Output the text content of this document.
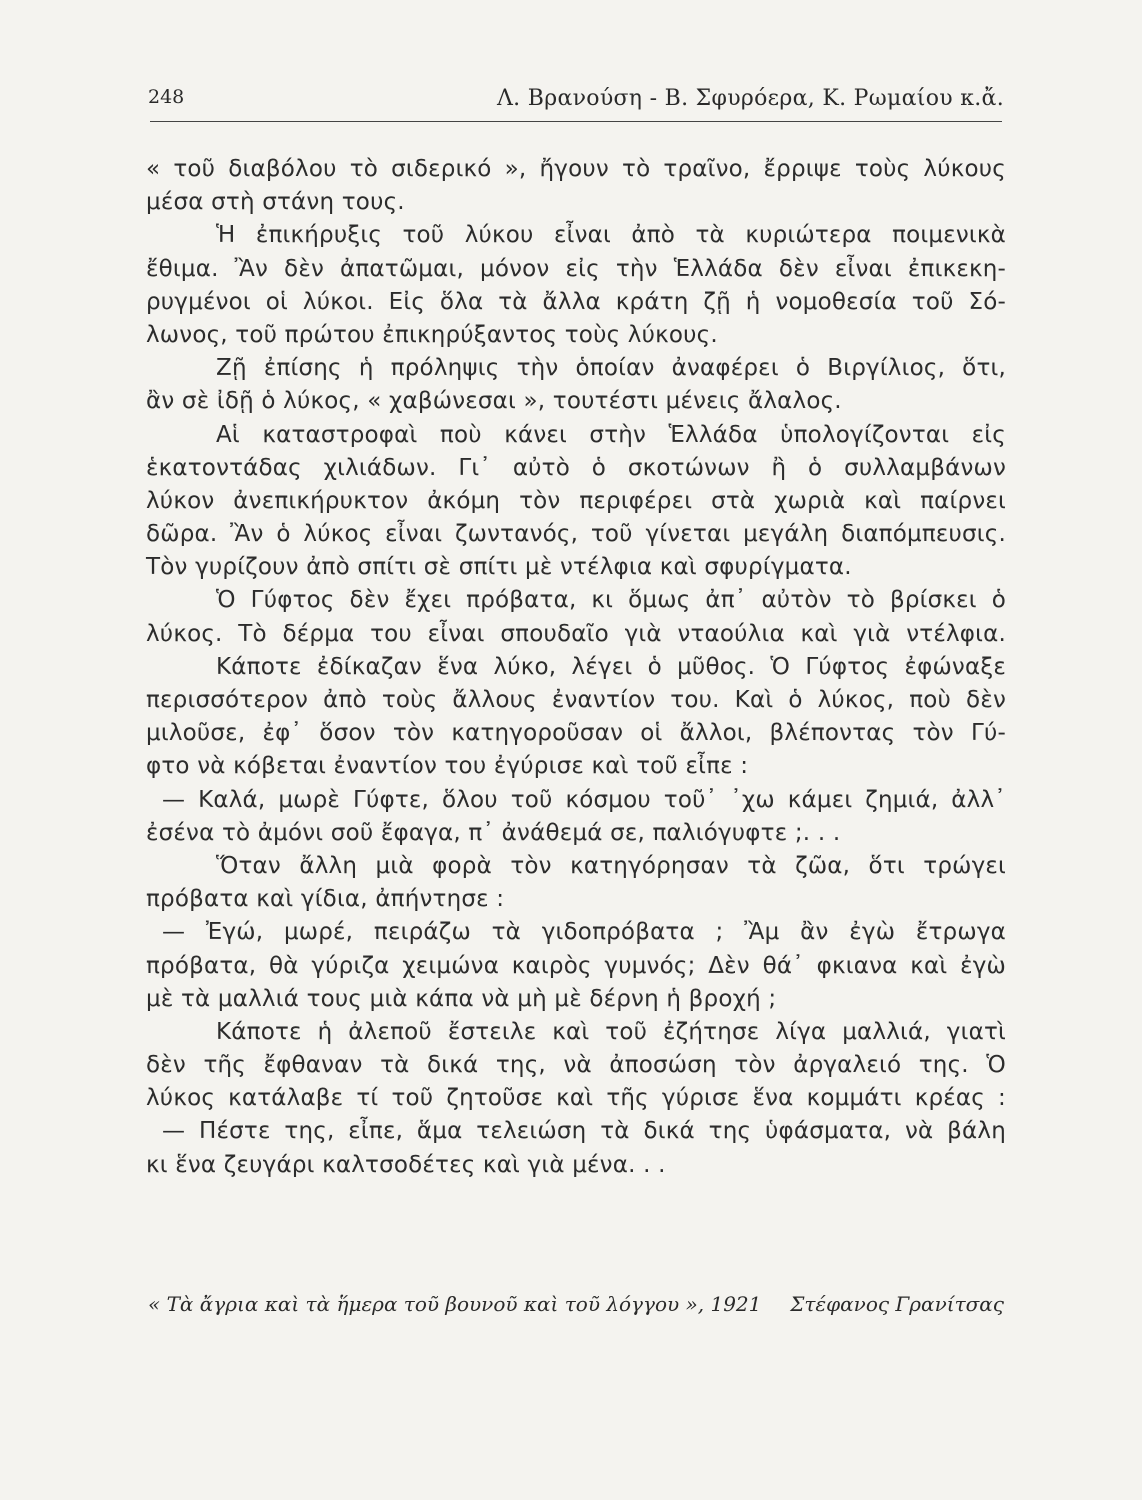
248	Λ. Βρανούση - Β. Σφυρόερα, Κ. Ρωμαίου κ.ἄ.
« τοῦ διαβόλου τὸ σιδερικό », ἤγουν τὸ τραῖνο, ἔρριψε τοὺς λύκους
μέσα στὴ στάνη τους.
Ἡ ἐπικήρυξις τοῦ λύκου εἶναι ἀπὸ τὰ κυριώτερα ποιμενικὰ
ἔθιμα. Ἂν δὲν ἀπατῶμαι, μόνον εἰς τὴν Ἑλλάδα δὲν εἶναι ἐπικεκη-
ρυγμένοι οἱ λύκοι. Εἰς ὅλα τὰ ἄλλα κράτη ζῇ ἡ νομοθεσία τοῦ Σό-
λωνος, τοῦ πρώτου ἐπικηρύξαντος τοὺς λύκους.
Ζῇ ἐπίσης ἡ πρόληψις τὴν ὁποίαν ἀναφέρει ὁ Βιργίλιος, ὅτι,
ἂν σὲ ἰδῇ ὁ λύκος, « χαβώνεσαι », τουτέστι μένεις ἄλαλος.
Αἱ καταστροφαὶ ποὺ κάνει στὴν Ἑλλάδα ὑπολογίζονται εἰς
ἑκατοντάδας χιλιάδων. Γι᾿ αὐτὸ ὁ σκοτώνων ἢ ὁ συλλαμβάνων
λύκον ἀνεπικήρυκτον ἀκόμη τὸν περιφέρει στὰ χωριὰ καὶ παίρνει
δῶρα. Ἂν ὁ λύκος εἶναι ζωντανός, τοῦ γίνεται μεγάλη διαπόμπευσις.
Τὸν γυρίζουν ἀπὸ σπίτι σὲ σπίτι μὲ ντέλφια καὶ σφυρίγματα.
Ὁ Γύφτος δὲν ἔχει πρόβατα, κι ὅμως ἀπ᾿ αὐτὸν τὸ βρίσκει ὁ
λύκος. Τὸ δέρμα του εἶναι σπουδαῖο γιὰ νταούλια καὶ γιὰ ντέλφια.
Κάποτε ἐδίκαζαν ἕνα λύκο, λέγει ὁ μῦθος. Ὁ Γύφτος ἐφώναξε
περισσότερον ἀπὸ τοὺς ἄλλους ἐναντίον του. Καὶ ὁ λύκος, ποὺ δὲν
μιλοῦσε, ἐφ᾿ ὅσον τὸν κατηγοροῦσαν οἱ ἄλλοι, βλέποντας τὸν Γύ-
φτο νὰ κόβεται ἐναντίον του ἐγύρισε καὶ τοῦ εἶπε :
— Καλά, μωρὲ Γύφτε, ὅλου τοῦ κόσμου τοῦ᾿ ᾿χω κάμει ζημιά, ἀλλ᾿
ἐσένα τὸ ἀμόνι σοῦ ἔφαγα, π᾿ ἀνάθεμά σε, παλιόγυφτε ;. . .
Ὅταν ἄλλη μιὰ φορὰ τὸν κατηγόρησαν τὰ ζῶα, ὅτι τρώγει
πρόβατα καὶ γίδια, ἀπήντησε :
— Ἐγώ, μωρέ, πειράζω τὰ γιδοπρόβατα ; Ἂμ ἂν ἐγὼ ἔτρωγα
πρόβατα, θὰ γύριζα χειμώνα καιρὸς γυμνός; Δὲν θά᾿ φκιανα καὶ ἐγὼ
μὲ τὰ μαλλιά τους μιὰ κάπα νὰ μὴ μὲ δέρνη ἡ βροχή ;
Κάποτε ἡ ἀλεποῦ ἔστειλε καὶ τοῦ ἐζήτησε λίγα μαλλιά, γιατὶ
δὲν τῆς ἔφθαναν τὰ δικά της, νὰ ἀποσώση τὸν ἀργαλειό της. Ὁ
λύκος κατάλαβε τί τοῦ ζητοῦσε καὶ τῆς γύρισε ἕνα κομμάτι κρέας :
— Πέστε της, εἶπε, ἅμα τελειώση τὰ δικά της ὑφάσματα, νὰ βάλη
κι ἕνα ζευγάρι καλτσοδέτες καὶ γιὰ μένα. . .
« Τὰ ἄγρια καὶ τὰ ἥμερα τοῦ βουνοῦ καὶ τοῦ λόγγου », 1921 Στέφανος Γρανίτσας
